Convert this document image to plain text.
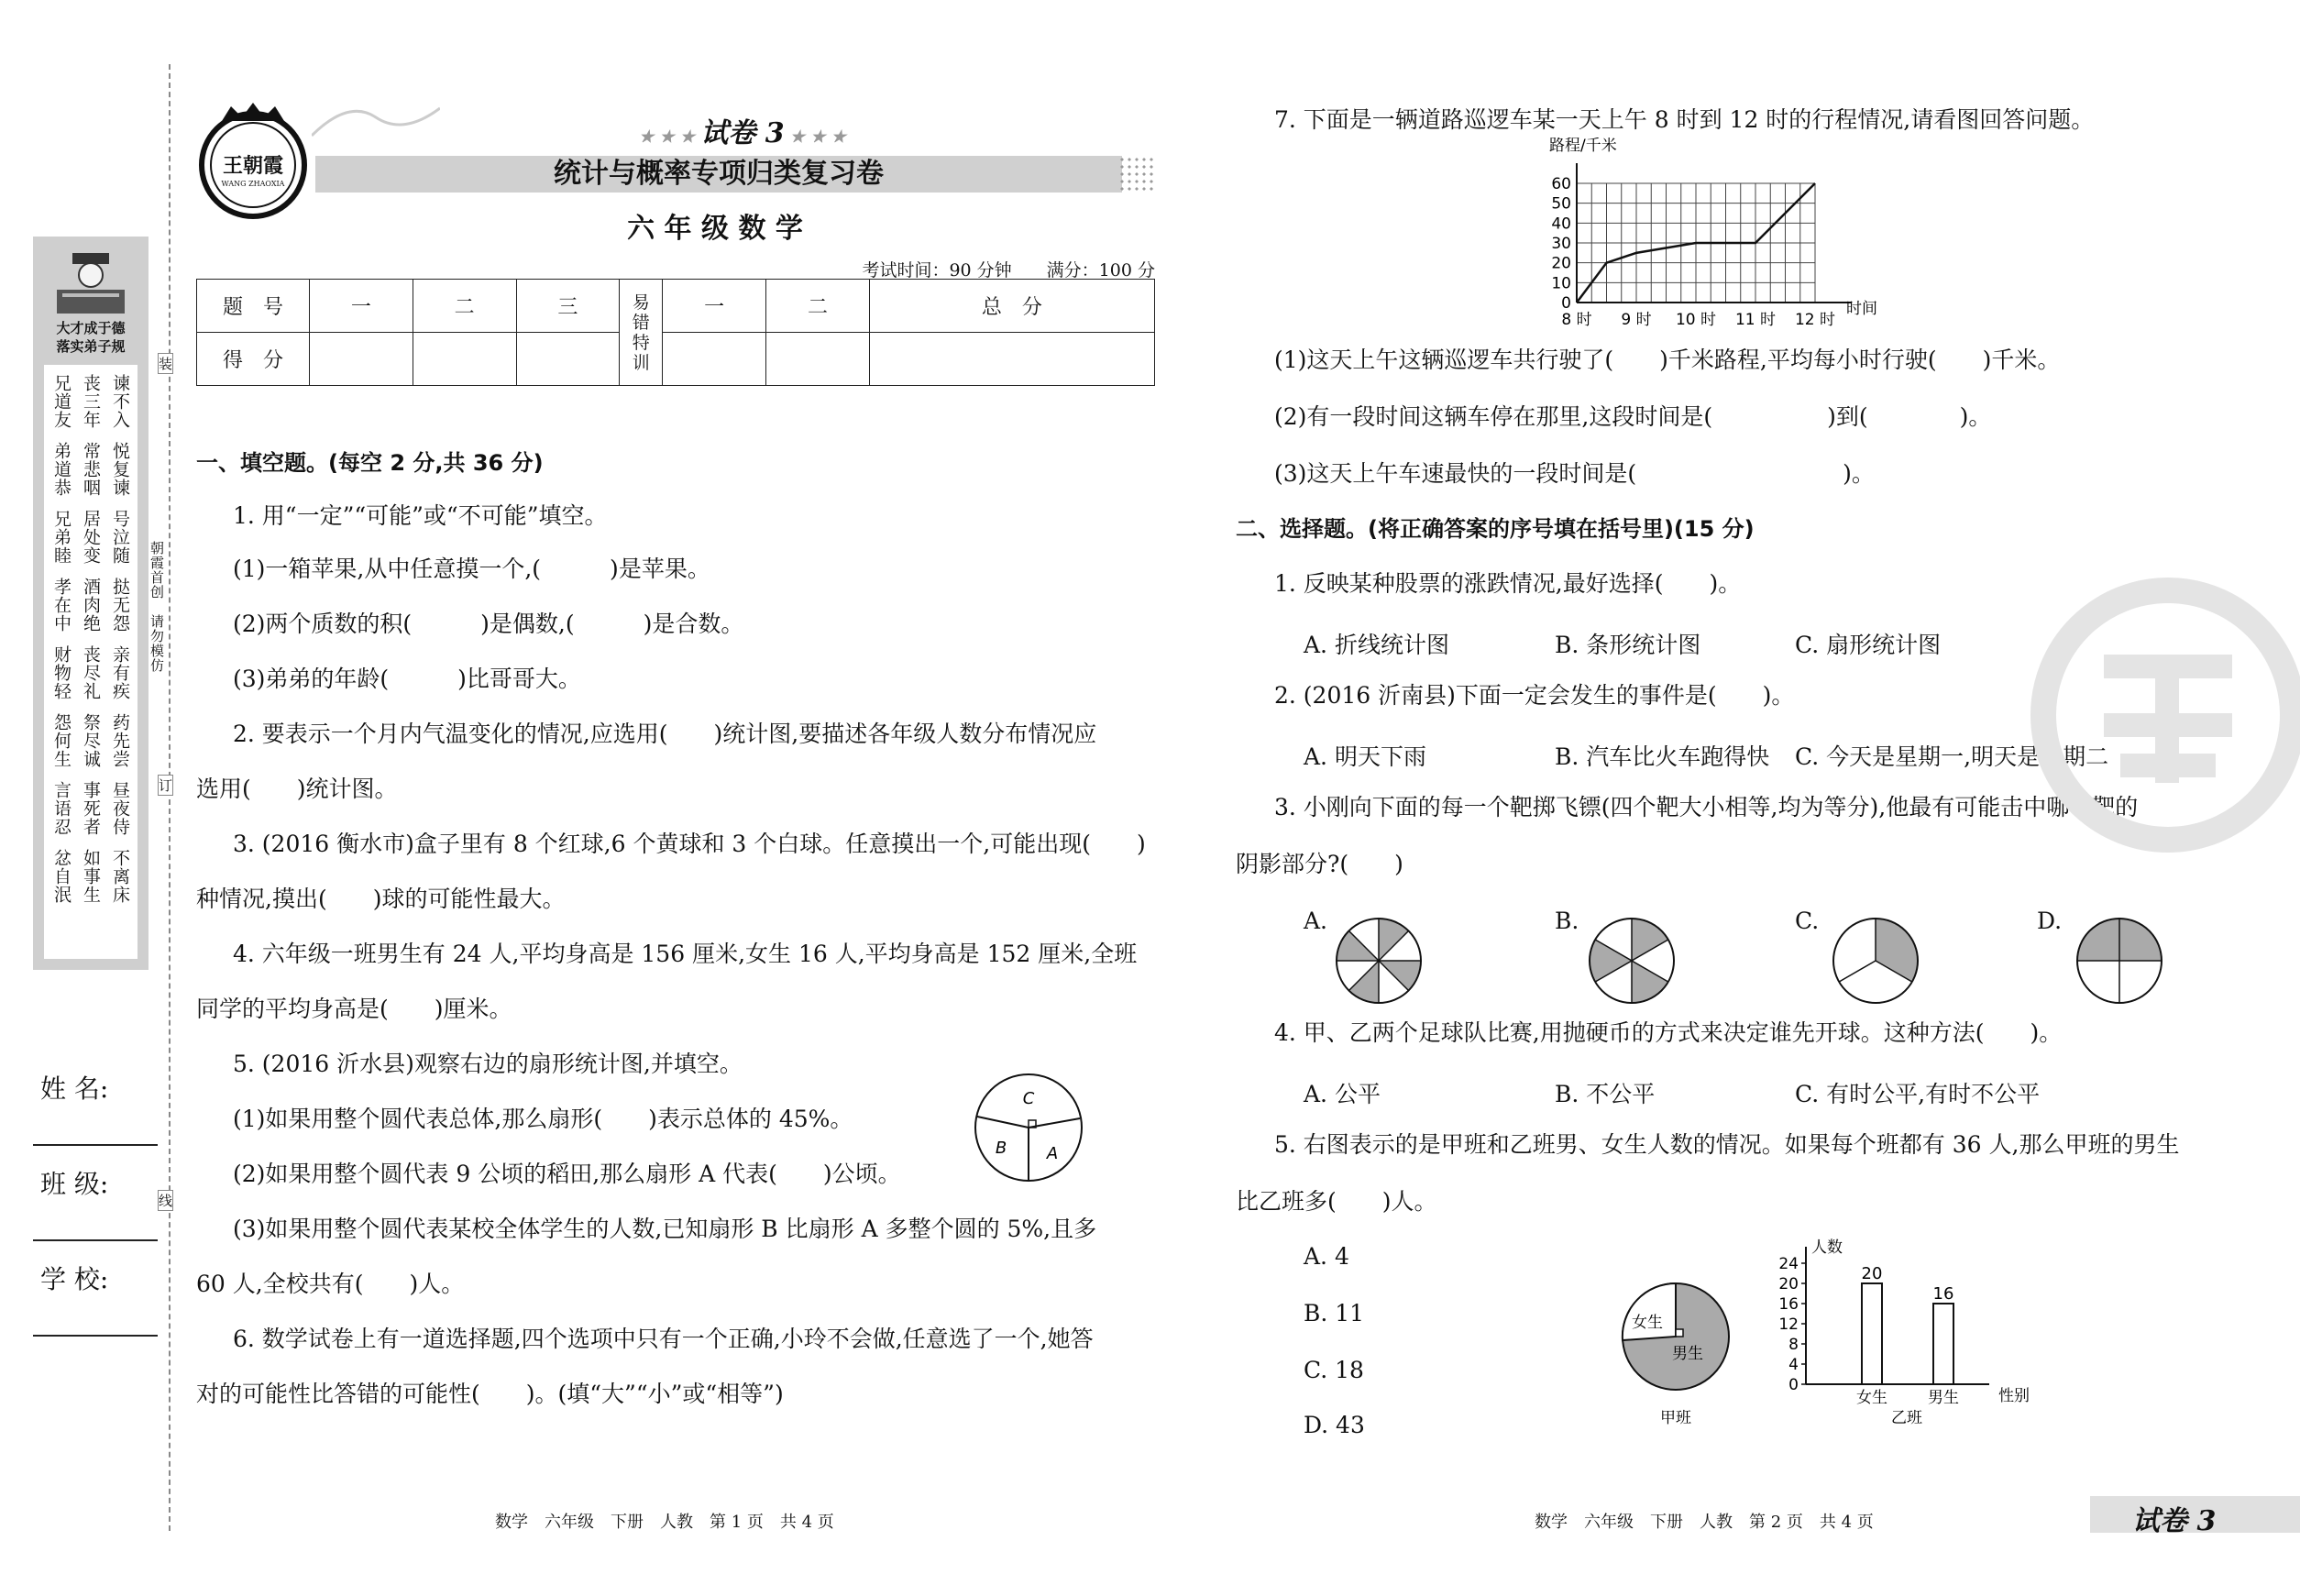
大才成于德
落实弟子规
谏不入
丧三年
兄道友
悦复谏
常悲咽
弟道恭
号泣随
居处变
兄弟睦
挞无怨
酒肉绝
孝在中
亲有疾
丧尽礼
财物轻
药先尝
祭尽诚
怨何生
昼夜侍
事死者
言语忍
不离床
如事生
忿自泯
朝霞首创
请勿模仿
装
订
线
姓 名:
班 级:
学 校:
王朝霞
WANG ZHAOXIA
★ ★ ★ 试卷 3 ★ ★ ★
统计与概率专项归类复习卷
六 年 级 数 学
考试时间：90 分钟　　满分：100 分
题　号	一	二	三	易错特训	一	二	总　分
得　分							
一、填空题。(每空 2 分,共 36 分)
1. 用“一定”“可能”或“不可能”填空。
(1)一箱苹果,从中任意摸一个,(　　　)是苹果。
(2)两个质数的积(　　　)是偶数,(　　　)是合数。
(3)弟弟的年龄(　　　)比哥哥大。
2. 要表示一个月内气温变化的情况,应选用(　　)统计图,要描述各年级人数分布情况应
选用(　　)统计图。
3. (2016 衡水市)盒子里有 8 个红球,6 个黄球和 3 个白球。任意摸出一个,可能出现(　　)
种情况,摸出(　　)球的可能性最大。
4. 六年级一班男生有 24 人,平均身高是 156 厘米,女生 16 人,平均身高是 152 厘米,全班
同学的平均身高是(　　)厘米。
5. (2016 沂水县)观察右边的扇形统计图,并填空。
(1)如果用整个圆代表总体,那么扇形(　　)表示总体的 45%。
(2)如果用整个圆代表 9 公顷的稻田,那么扇形 A 代表(　　)公顷。
(3)如果用整个圆代表某校全体学生的人数,已知扇形 B 比扇形 A 多整个圆的 5%,且多
60 人,全校共有(　　)人。
6. 数学试卷上有一道选择题,四个选项中只有一个正确,小玲不会做,任意选了一个,她答
对的可能性比答错的可能性(　　)。(填“大”“小”或“相等”)
C
B A
数学　六年级　下册　人教　第 1 页　共 4 页
7. 下面是一辆道路巡逻车某一天上午 8 时到 12 时的行程情况,请看图回答问题。
0
10
20
30
40
50
60
8 时 9 时 10 时 11 时 12 时
路程/千米
时间
(1)这天上午这辆巡逻车共行驶了(　　)千米路程,平均每小时行驶(　　)千米。
(2)有一段时间这辆车停在那里,这段时间是(　　　　　)到(　　　　)。
(3)这天上午车速最快的一段时间是(　　　　　　　　　)。
二、选择题。(将正确答案的序号填在括号里)(15 分)
1. 反映某种股票的涨跌情况,最好选择(　　)。
A. 折线统计图	B. 条形统计图	C. 扇形统计图
2. (2016 沂南县)下面一定会发生的事件是(　　)。
A. 明天下雨	B. 汽车比火车跑得快 C. 今天是星期一,明天是星期二
3. 小刚向下面的每一个靶掷飞镖(四个靶大小相等,均为等分),他最有可能击中哪个靶的
阴影部分?(　　)
A.	B.	C.	D.
4. 甲、乙两个足球队比赛,用抛硬币的方式来决定谁先开球。这种方法(　　)。
A. 公平	B. 不公平	C. 有时公平,有时不公平
5. 右图表示的是甲班和乙班男、女生人数的情况。如果每个班都有 36 人,那么甲班的男生
比乙班多(　　)人。
A. 4
B. 11
C. 18
D. 43
女生
男生
甲班
0
4
8
12
16
20
24	20
女生
16
男生
人数
性别
乙班
数学　六年级　下册　人教　第 2 页　共 4 页	试卷 3
